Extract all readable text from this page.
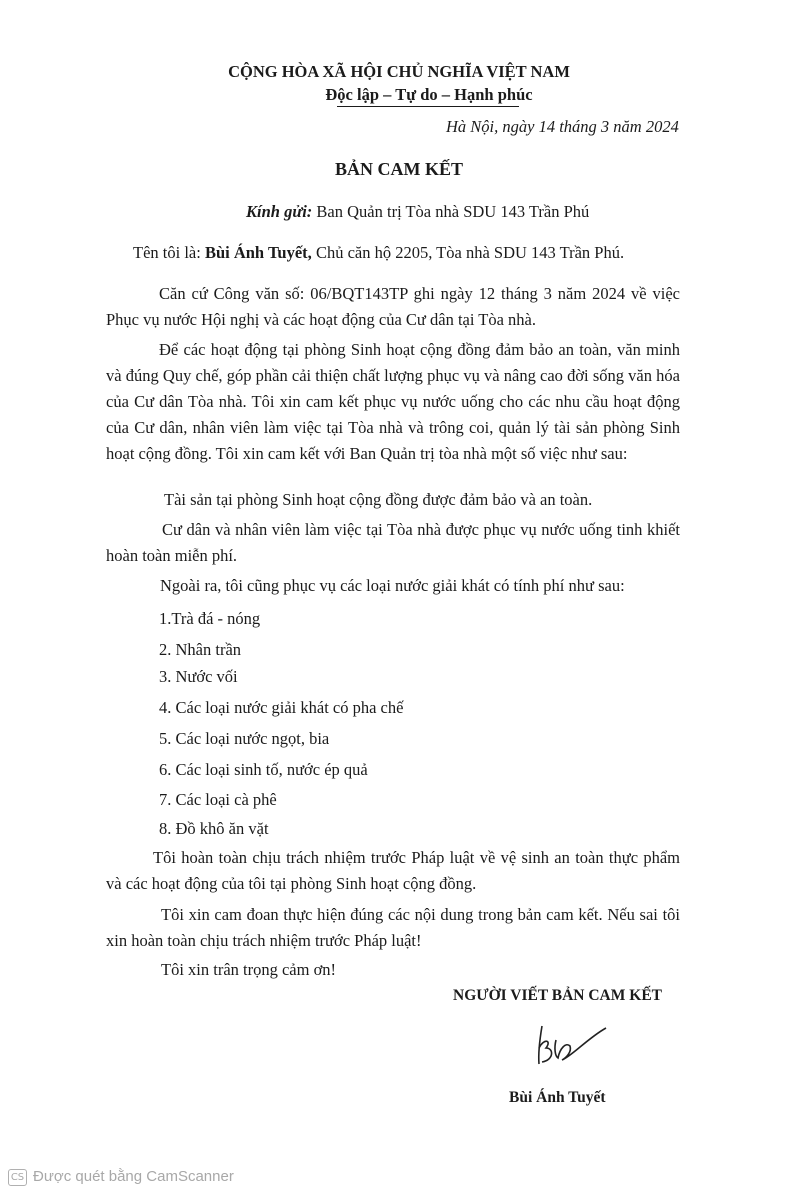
CỘNG HÒA XÃ HỘI CHỦ NGHĨA VIỆT NAM
Độc lập – Tự do – Hạnh phúc
Hà Nội, ngày 14 tháng 3 năm 2024
BẢN CAM KẾT
Kính gửi: Ban Quản trị Tòa nhà SDU 143 Trần Phú
Tên tôi là: Bùi Ánh Tuyết, Chủ căn hộ 2205, Tòa nhà SDU 143 Trần Phú.
Căn cứ Công văn số: 06/BQT143TP ghi ngày 12 tháng 3 năm 2024 về việc Phục vụ nước Hội nghị và các hoạt động của Cư dân tại Tòa nhà.
Để các hoạt động tại phòng Sinh hoạt cộng đồng đảm bảo an toàn, văn minh và đúng Quy chế, góp phần cải thiện chất lượng phục vụ và nâng cao đời sống văn hóa của Cư dân Tòa nhà. Tôi xin cam kết phục vụ nước uống cho các nhu cầu hoạt động của Cư dân, nhân viên làm việc tại Tòa nhà và trông coi, quản lý tài sản phòng Sinh hoạt cộng đồng. Tôi xin cam kết với Ban Quản trị tòa nhà một số việc như sau:
Tài sản tại phòng Sinh hoạt cộng đồng được đảm bảo và an toàn.
Cư dân và nhân viên làm việc tại Tòa nhà được phục vụ nước uống tinh khiết hoàn toàn miễn phí.
Ngoài ra, tôi cũng phục vụ các loại nước giải khát có tính phí như sau:
1.Trà đá - nóng
2. Nhân trần
3. Nước vối
4. Các loại nước giải khát có pha chế
5. Các loại nước ngọt, bia
6. Các loại sinh tố, nước ép quả
7. Các loại cà phê
8. Đồ khô ăn vặt
Tôi hoàn toàn chịu trách nhiệm trước Pháp luật về vệ sinh an toàn thực phẩm và các hoạt động của tôi tại phòng Sinh hoạt cộng đồng.
Tôi xin cam đoan thực hiện đúng các nội dung trong bản cam kết. Nếu sai tôi xin hoàn toàn chịu trách nhiệm trước Pháp luật!
Tôi xin trân trọng cảm ơn!
NGƯỜI VIẾT BẢN CAM KẾT
Bùi Ánh Tuyết
CS Được quét bằng CamScanner
